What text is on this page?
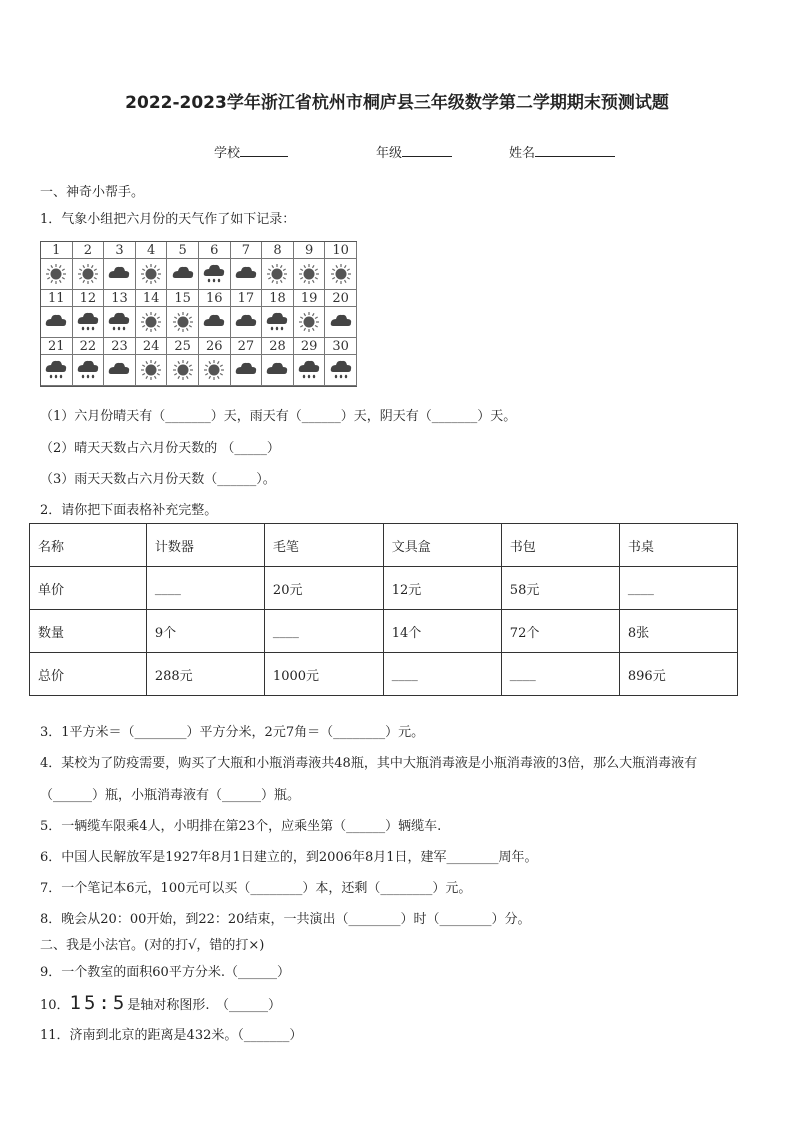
2022-2023学年浙江省杭州市桐庐县三年级数学第二学期期末预测试题
学校	年级	姓名
一、神奇小帮手。
1．气象小组把六月份的天气作了如下记录：
1	2	3	4	5	6	7	8	9	10
11	12	13	14	15	16	17	18	19	20
21	22	23	24	25	26	27	28	29	30
（1）六月份晴天有（_______）天，雨天有（______）天，阴天有（_______）天。
（2）晴天天数占六月份天数的 （_____）
（3）雨天天数占六月份天数（______）。
2．请你把下面表格补充完整。
名称	计数器	毛笔	文具盒	书包	书桌
单价	____	20元	12元	58元	____
数量	9个	____	14个	72个	8张
总价	288元	1000元	____	____	896元
3．1平方米＝（________）平方分米，2元7角＝（________）元。
4．某校为了防疫需要，购买了大瓶和小瓶消毒液共48瓶，其中大瓶消毒液是小瓶消毒液的3倍，那么大瓶消毒液有
（______）瓶，小瓶消毒液有（______）瓶。
5．一辆缆车限乘4人，小明排在第23个，应乘坐第（______）辆缆车.
6．中国人民解放军是1927年8月1日建立的，到2006年8月1日，建军________周年。
7．一个笔记本6元，100元可以买（________）本，还剩（________）元。
8．晚会从20：00开始，到22：20结束，一共演出（________）时（________）分。
二、我是小法官。(对的打√，错的打×)
9．一个教室的面积60平方分米.（______）
10．15:5是轴对称图形.　（______）
11．济南到北京的距离是432米。（_______）
